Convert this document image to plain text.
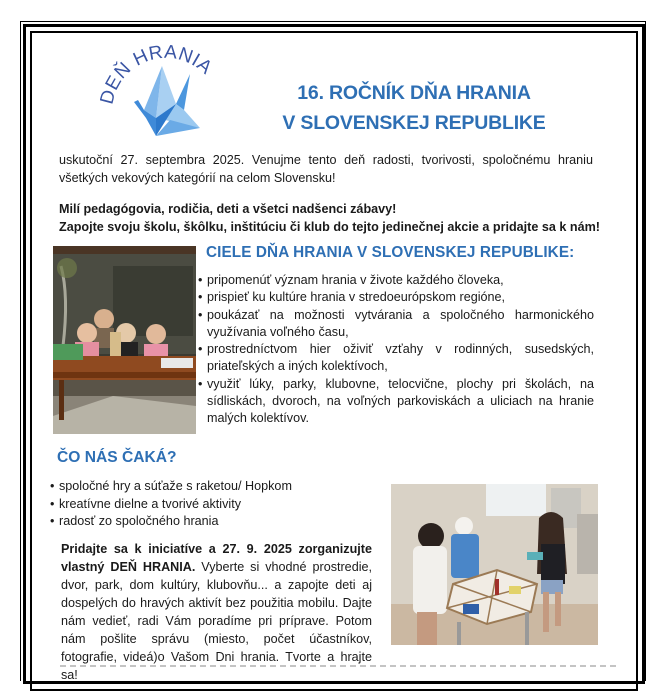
EŇ HRANIA
16. ROČNÍK DŇA HRANIA
V SLOVENSKEJ REPUBLIKE
uskutoční 27. septembra 2025. Venujme tento deň radosti, tvorivosti, spoločnému hraniu všetkých vekových kategórií na celom Slovensku!
Milí pedagógovia, rodičia, deti a všetci nadšenci zábavy!
Zapojte svoju školu, škôlku, inštitúciu či klub do tejto jedinečnej akcie a pridajte sa k nám!
CIELE DŇA HRANIA V SLOVENSKEJ REPUBLIKE:
• pripomenúť význam hrania v živote každého človeka,
• prispieť ku kultúre hrania v stredoeurópskom regióne,
• poukázať na možnosti vytvárania a spoločného harmonického využívania voľného času,
• prostredníctvom hier oživiť vzťahy v rodinných, susedských, priateľských a iných kolektívoch,
• využiť lúky, parky, klubovne, telocvične, plochy pri školách, na sídliskách, dvoroch, na voľných parkoviskách a uliciach na hranie malých kolektívov.
ČO NÁS ČAKÁ?
• spoločné hry a súťaže s raketou/ Hopkom
• kreatívne dielne a tvorivé aktivity
• radosť zo spoločného hrania
Pridajte sa k iniciatíve a 27. 9. 2025 zorganizujte vlastný DEŇ HRANIA. Vyberte si vhodné prostredie, dvor, park, dom kultúry, klubovňu... a zapojte deti aj dospelých do hravých aktivít bez použitia mobilu. Dajte nám vedieť, radi Vám poradíme pri príprave. Potom nám pošlite správu (miesto, počet účastníkov, fotografie, videá)o Vašom Dni hrania. Tvorte a hrajte sa!
